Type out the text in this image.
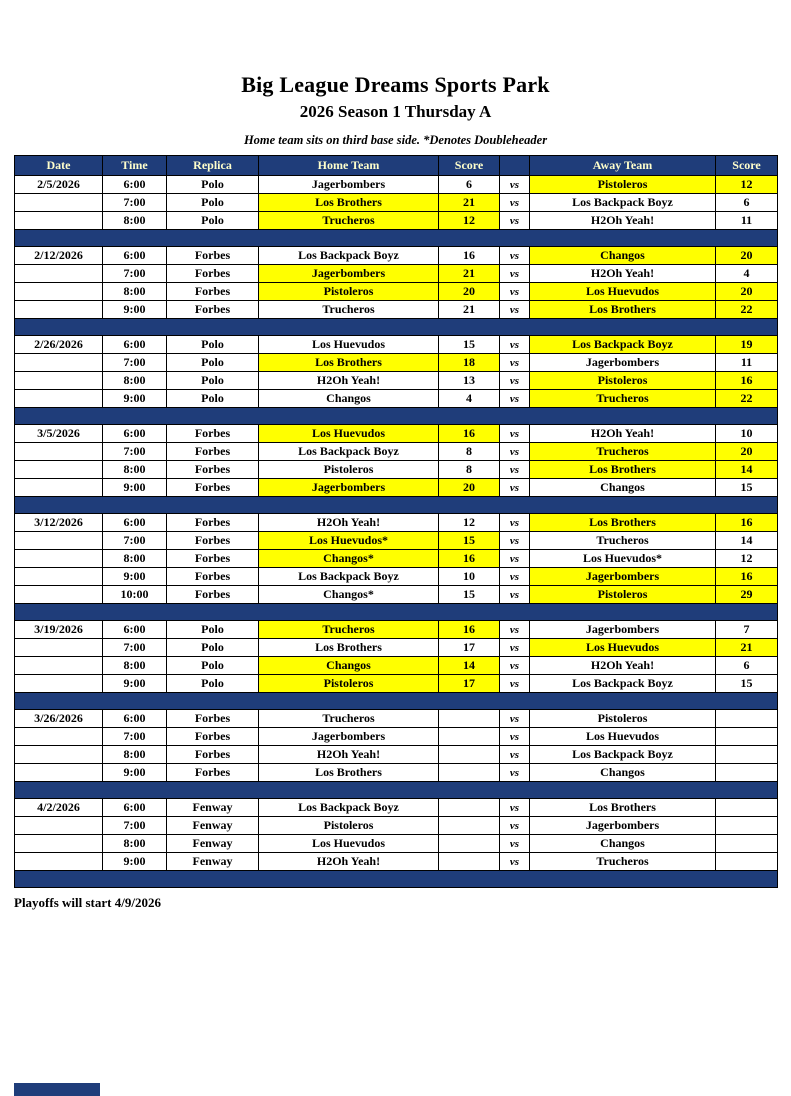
Big League Dreams Sports Park
2026 Season 1 Thursday A
Home team sits on third base side. *Denotes Doubleheader
Date	Time	Replica	Home Team	Score		Away Team	Score
2/5/2026	6:00	Polo	Jagerbombers	6	vs	Pistoleros	12
	7:00	Polo	Los Brothers	21	vs	Los Backpack Boyz	6
	8:00	Polo	Trucheros	12	vs	H2Oh Yeah!	11

2/12/2026	6:00	Forbes	Los Backpack Boyz	16	vs	Changos	20
	7:00	Forbes	Jagerbombers	21	vs	H2Oh Yeah!	4
	8:00	Forbes	Pistoleros	20	vs	Los Huevudos	20
	9:00	Forbes	Trucheros	21	vs	Los Brothers	22

2/26/2026	6:00	Polo	Los Huevudos	15	vs	Los Backpack Boyz	19
	7:00	Polo	Los Brothers	18	vs	Jagerbombers	11
	8:00	Polo	H2Oh Yeah!	13	vs	Pistoleros	16
	9:00	Polo	Changos	4	vs	Trucheros	22

3/5/2026	6:00	Forbes	Los Huevudos	16	vs	H2Oh Yeah!	10
	7:00	Forbes	Los Backpack Boyz	8	vs	Trucheros	20
	8:00	Forbes	Pistoleros	8	vs	Los Brothers	14
	9:00	Forbes	Jagerbombers	20	vs	Changos	15

3/12/2026	6:00	Forbes	H2Oh Yeah!	12	vs	Los Brothers	16
	7:00	Forbes	Los Huevudos*	15	vs	Trucheros	14
	8:00	Forbes	Changos*	16	vs	Los Huevudos*	12
	9:00	Forbes	Los Backpack Boyz	10	vs	Jagerbombers	16
	10:00	Forbes	Changos*	15	vs	Pistoleros	29

3/19/2026	6:00	Polo	Trucheros	16	vs	Jagerbombers	7
	7:00	Polo	Los Brothers	17	vs	Los Huevudos	21
	8:00	Polo	Changos	14	vs	H2Oh Yeah!	6
	9:00	Polo	Pistoleros	17	vs	Los Backpack Boyz	15

3/26/2026	6:00	Forbes	Trucheros		vs	Pistoleros	
	7:00	Forbes	Jagerbombers		vs	Los Huevudos	
	8:00	Forbes	H2Oh Yeah!		vs	Los Backpack Boyz	
	9:00	Forbes	Los Brothers		vs	Changos	

4/2/2026	6:00	Fenway	Los Backpack Boyz		vs	Los Brothers	
	7:00	Fenway	Pistoleros		vs	Jagerbombers	
	8:00	Fenway	Los Huevudos		vs	Changos	
	9:00	Fenway	H2Oh Yeah!		vs	Trucheros	

Playoffs will start 4/9/2026
